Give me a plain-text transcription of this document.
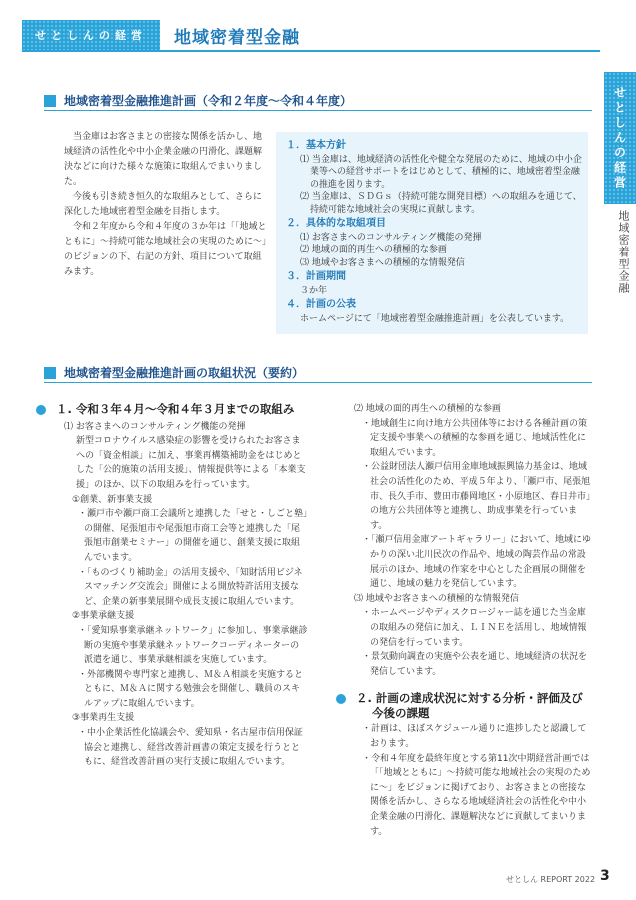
せとしんの経営	地域密着型金融
せとしんの経営
地域密着型金融
地域密着型金融推進計画（令和２年度〜令和４年度）

当金庫はお客さまとの密接な関係を活かし、地域経済の活性化や中小企業金融の円滑化、課題解決などに向けた様々な施策に取組んでまいりました。

今後も引き続き恒久的な取組みとして、さらに深化した地域密着型金融を目指します。

令和２年度から令和４年度の３か年は「「地域とともに」〜持続可能な地域社会の実現のために〜」のビジョンの下、右記の方針、項目について取組みます。

１．基本方針
⑴ 当金庫は、地域経済の活性化や健全な発展のために、地域の中小企業等への経営サポートをはじめとして、積極的に、地域密着型金融の推進を図ります。
⑵ 当金庫は、ＳＤＧｓ（持続可能な開発目標）への取組みを通じて、持続可能な地域社会の実現に貢献します。
２．具体的な取組項目
⑴ お客さまへのコンサルティング機能の発揮
⑵ 地域の面的再生への積極的な参画
⑶ 地域やお客さまへの積極的な情報発信
３．計画期間
３か年
４．計画の公表
ホームページにて「地域密着型金融推進計画」を公表しています。
地域密着型金融推進計画の取組状況（要約）
１. 令和３年４月〜令和４年３月までの取組み
⑴ お客さまへのコンサルティング機能の発揮
新型コロナウイルス感染症の影響を受けられたお客さまへの「資金相談」に加え、事業再構築補助金をはじめとした「公的施策の活用支援」、情報提供等による「本業支援」のほか、以下の取組みを行っています。
①創業、新事業支援
・瀬戸市や瀬戸商工会議所と連携した「せと・しごと塾」の開催、尾張旭市や尾張旭市商工会等と連携した「尾張旭市創業セミナー」の開催を通じ、創業支援に取組んでいます。
・「ものづくり補助金」の活用支援や、「知財活用ビジネスマッチング交流会」開催による開放特許活用支援など、企業の新事業展開や成長支援に取組んでいます。
②事業承継支援
・「愛知県事業承継ネットワーク」に参加し、事業承継診断の実施や事業承継ネットワークコーディネーターの派遣を通じ、事業承継相談を実施しています。
・外部機関や専門家と連携し、Ｍ＆Ａ相談を実施するとともに、Ｍ＆Ａに関する勉強会を開催し、職員のスキルアップに取組んでいます。
③事業再生支援
・中小企業活性化協議会や、愛知県・名古屋市信用保証協会と連携し、経営改善計画書の策定支援を行うとともに、経営改善計画の実行支援に取組んでいます。
⑵ 地域の面的再生への積極的な参画
・地域創生に向け地方公共団体等における各種計画の策定支援や事業への積極的な参画を通じ、地域活性化に取組んでいます。
・公益財団法人瀬戸信用金庫地域振興協力基金は、地域社会の活性化のため、平成５年より、「瀬戸市、尾張旭市、長久手市、豊田市藤岡地区・小原地区、春日井市」の地方公共団体等と連携し、助成事業を行っています。
・「瀬戸信用金庫アートギャラリー」において、地域にゆかりの深い北川民次の作品や、地域の陶芸作品の常設展示のほか、地域の作家を中心とした企画展の開催を通じ、地域の魅力を発信しています。
⑶ 地域やお客さまへの積極的な情報発信
・ホームページやディスクロージャー誌を通じた当金庫の取組みの発信に加え、ＬＩＮＥを活用し、地域情報の発信を行っています。
・景気動向調査の実施や公表を通じ、地域経済の状況を発信しています。
２. 計画の達成状況に対する分析・評価及び
今後の課題
・計画は、ほぼスケジュール通りに進捗したと認識しております。
・令和４年度を最終年度とする第11次中期経営計画では「「地域とともに」〜持続可能な地域社会の実現のために〜」をビジョンに掲げており、お客さまとの密接な関係を活かし、さらなる地域経済社会の活性化や中小企業金融の円滑化、課題解決などに貢献してまいります。
せとしん REPORT 2022 3
